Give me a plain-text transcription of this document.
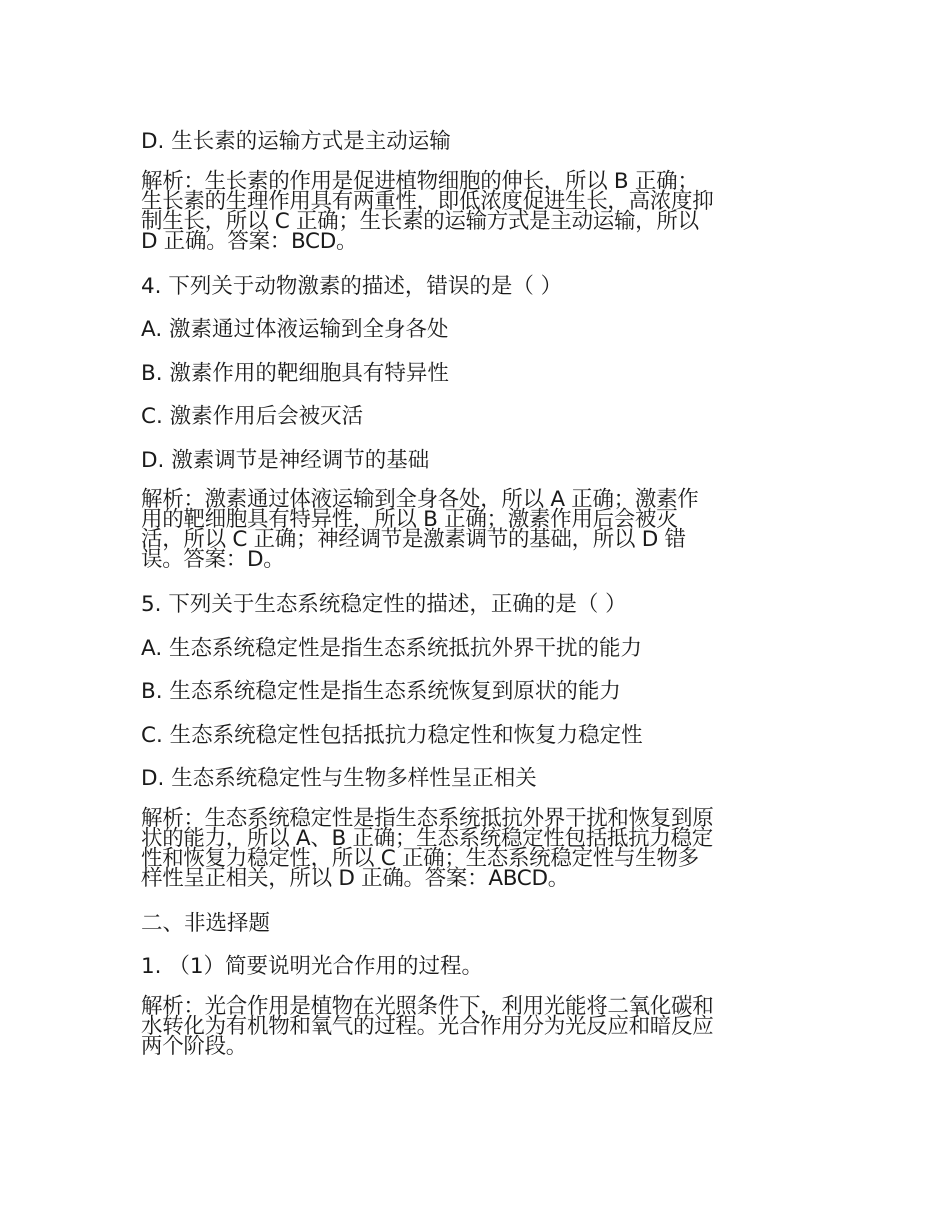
D. 生长素的运输方式是主动运输

解析：生长素的作用是促进植物细胞的伸长，所以 B 正确；
生长素的生理作用具有两重性，即低浓度促进生长，高浓度抑
制生长，所以 C 正确；生长素的运输方式是主动运输，所以
D 正确。答案：BCD。

4. 下列关于动物激素的描述，错误的是（ ）

A. 激素通过体液运输到全身各处

B. 激素作用的靶细胞具有特异性

C. 激素作用后会被灭活

D. 激素调节是神经调节的基础

解析：激素通过体液运输到全身各处，所以 A 正确；激素作
用的靶细胞具有特异性，所以 B 正确；激素作用后会被灭
活，所以 C 正确；神经调节是激素调节的基础，所以 D 错
误。答案：D。

5. 下列关于生态系统稳定性的描述，正确的是（ ）

A. 生态系统稳定性是指生态系统抵抗外界干扰的能力

B. 生态系统稳定性是指生态系统恢复到原状的能力

C. 生态系统稳定性包括抵抗力稳定性和恢复力稳定性

D. 生态系统稳定性与生物多样性呈正相关

解析：生态系统稳定性是指生态系统抵抗外界干扰和恢复到原
状的能力，所以 A、B 正确；生态系统稳定性包括抵抗力稳定
性和恢复力稳定性，所以 C 正确；生态系统稳定性与生物多
样性呈正相关，所以 D 正确。答案：ABCD。

二、非选择题

1. （1）简要说明光合作用的过程。

解析：光合作用是植物在光照条件下，利用光能将二氧化碳和
水转化为有机物和氧气的过程。光合作用分为光反应和暗反应
两个阶段。
